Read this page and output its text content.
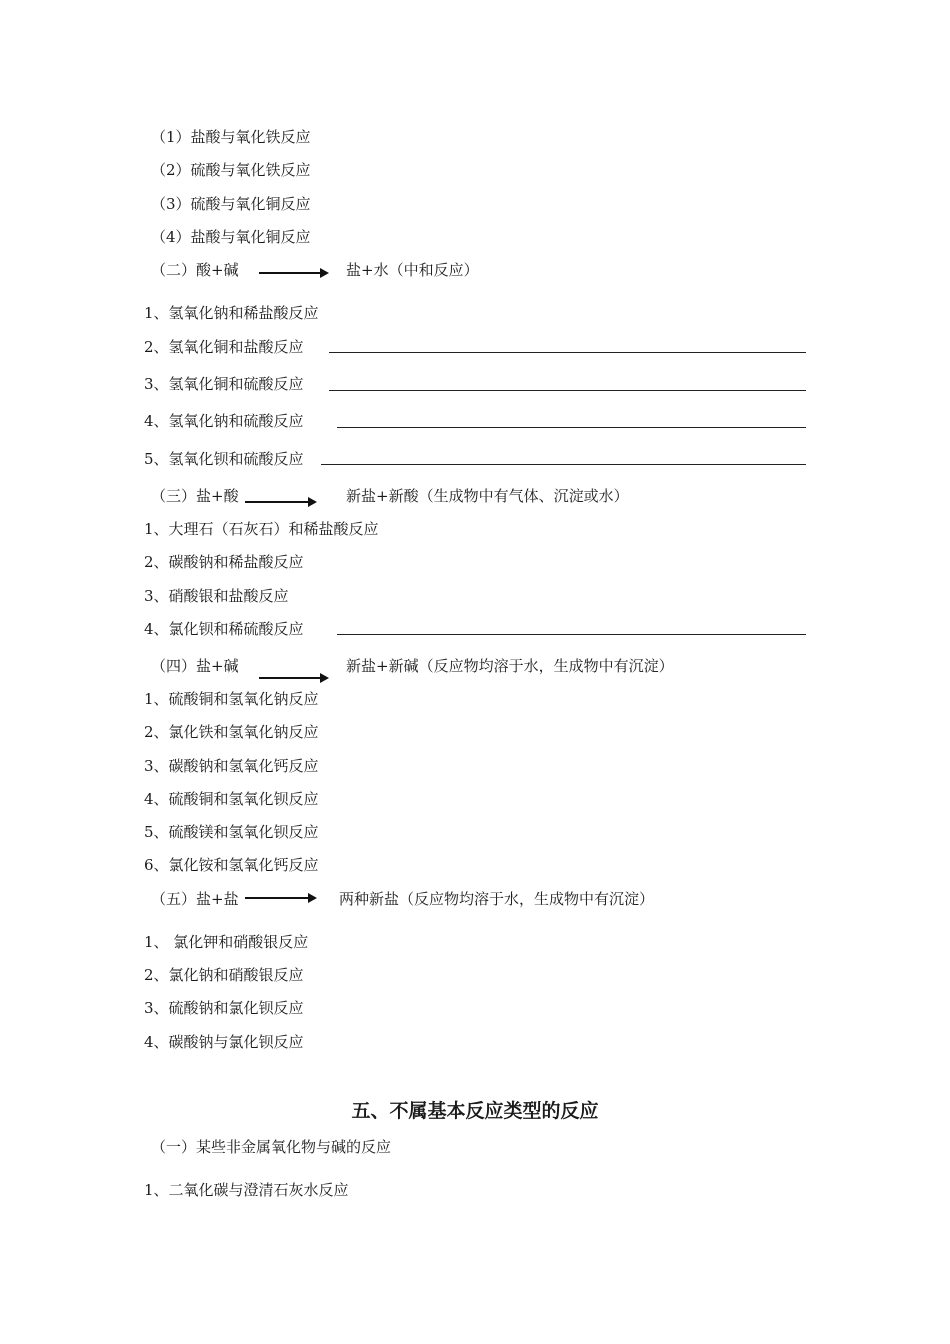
（1）盐酸与氧化铁反应
（2）硫酸与氧化铁反应
（3）硫酸与氧化铜反应
（4）盐酸与氧化铜反应
（二）酸+碱	盐+水（中和反应）
1、氢氧化钠和稀盐酸反应
2、氢氧化铜和盐酸反应
3、氢氧化铜和硫酸反应
4、氢氧化钠和硫酸反应
5、氢氧化钡和硫酸反应
（三）盐+酸	新盐+新酸（生成物中有气体、沉淀或水）
1、大理石（石灰石）和稀盐酸反应
2、碳酸钠和稀盐酸反应
3、硝酸银和盐酸反应
4、氯化钡和稀硫酸反应
（四）盐+碱	新盐+新碱（反应物均溶于水，生成物中有沉淀）
1、硫酸铜和氢氧化钠反应
2、氯化铁和氢氧化钠反应
3、碳酸钠和氢氧化钙反应
4、硫酸铜和氢氧化钡反应
5、硫酸镁和氢氧化钡反应
6、氯化铵和氢氧化钙反应
（五）盐+盐	两种新盐（反应物均溶于水，生成物中有沉淀）
1、 氯化钾和硝酸银反应
2、氯化钠和硝酸银反应
3、硫酸钠和氯化钡反应
4、碳酸钠与氯化钡反应
五、不属基本反应类型的反应
（一）某些非金属氧化物与碱的反应
1、二氧化碳与澄清石灰水反应
